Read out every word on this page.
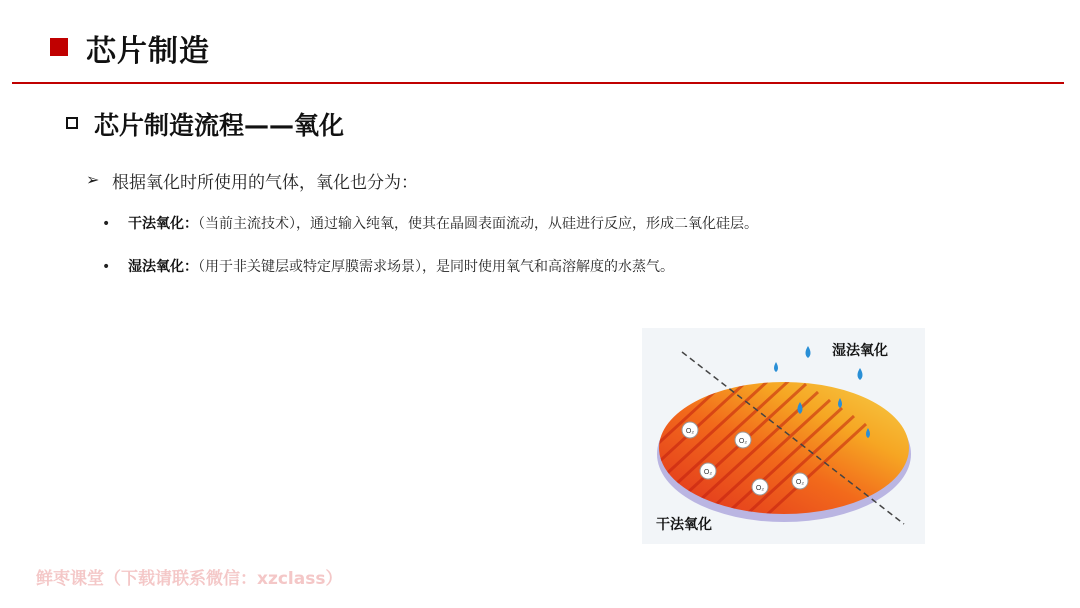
芯片制造
芯片制造流程——氧化
➢ 根据氧化时所使用的气体，氧化也分为：
• 干法氧化：（当前主流技术），通过输入纯氧，使其在晶圆表面流动，从硅进行反应，形成二氧化硅层。
• 湿法氧化：（用于非关键层或特定厚膜需求场景），是同时使用氧气和高溶解度的水蒸气。
O₂
O₂
O₂
O₂
O₂
湿法氧化
干法氧化
鲜枣课堂（下载请联系微信：xzclass）
